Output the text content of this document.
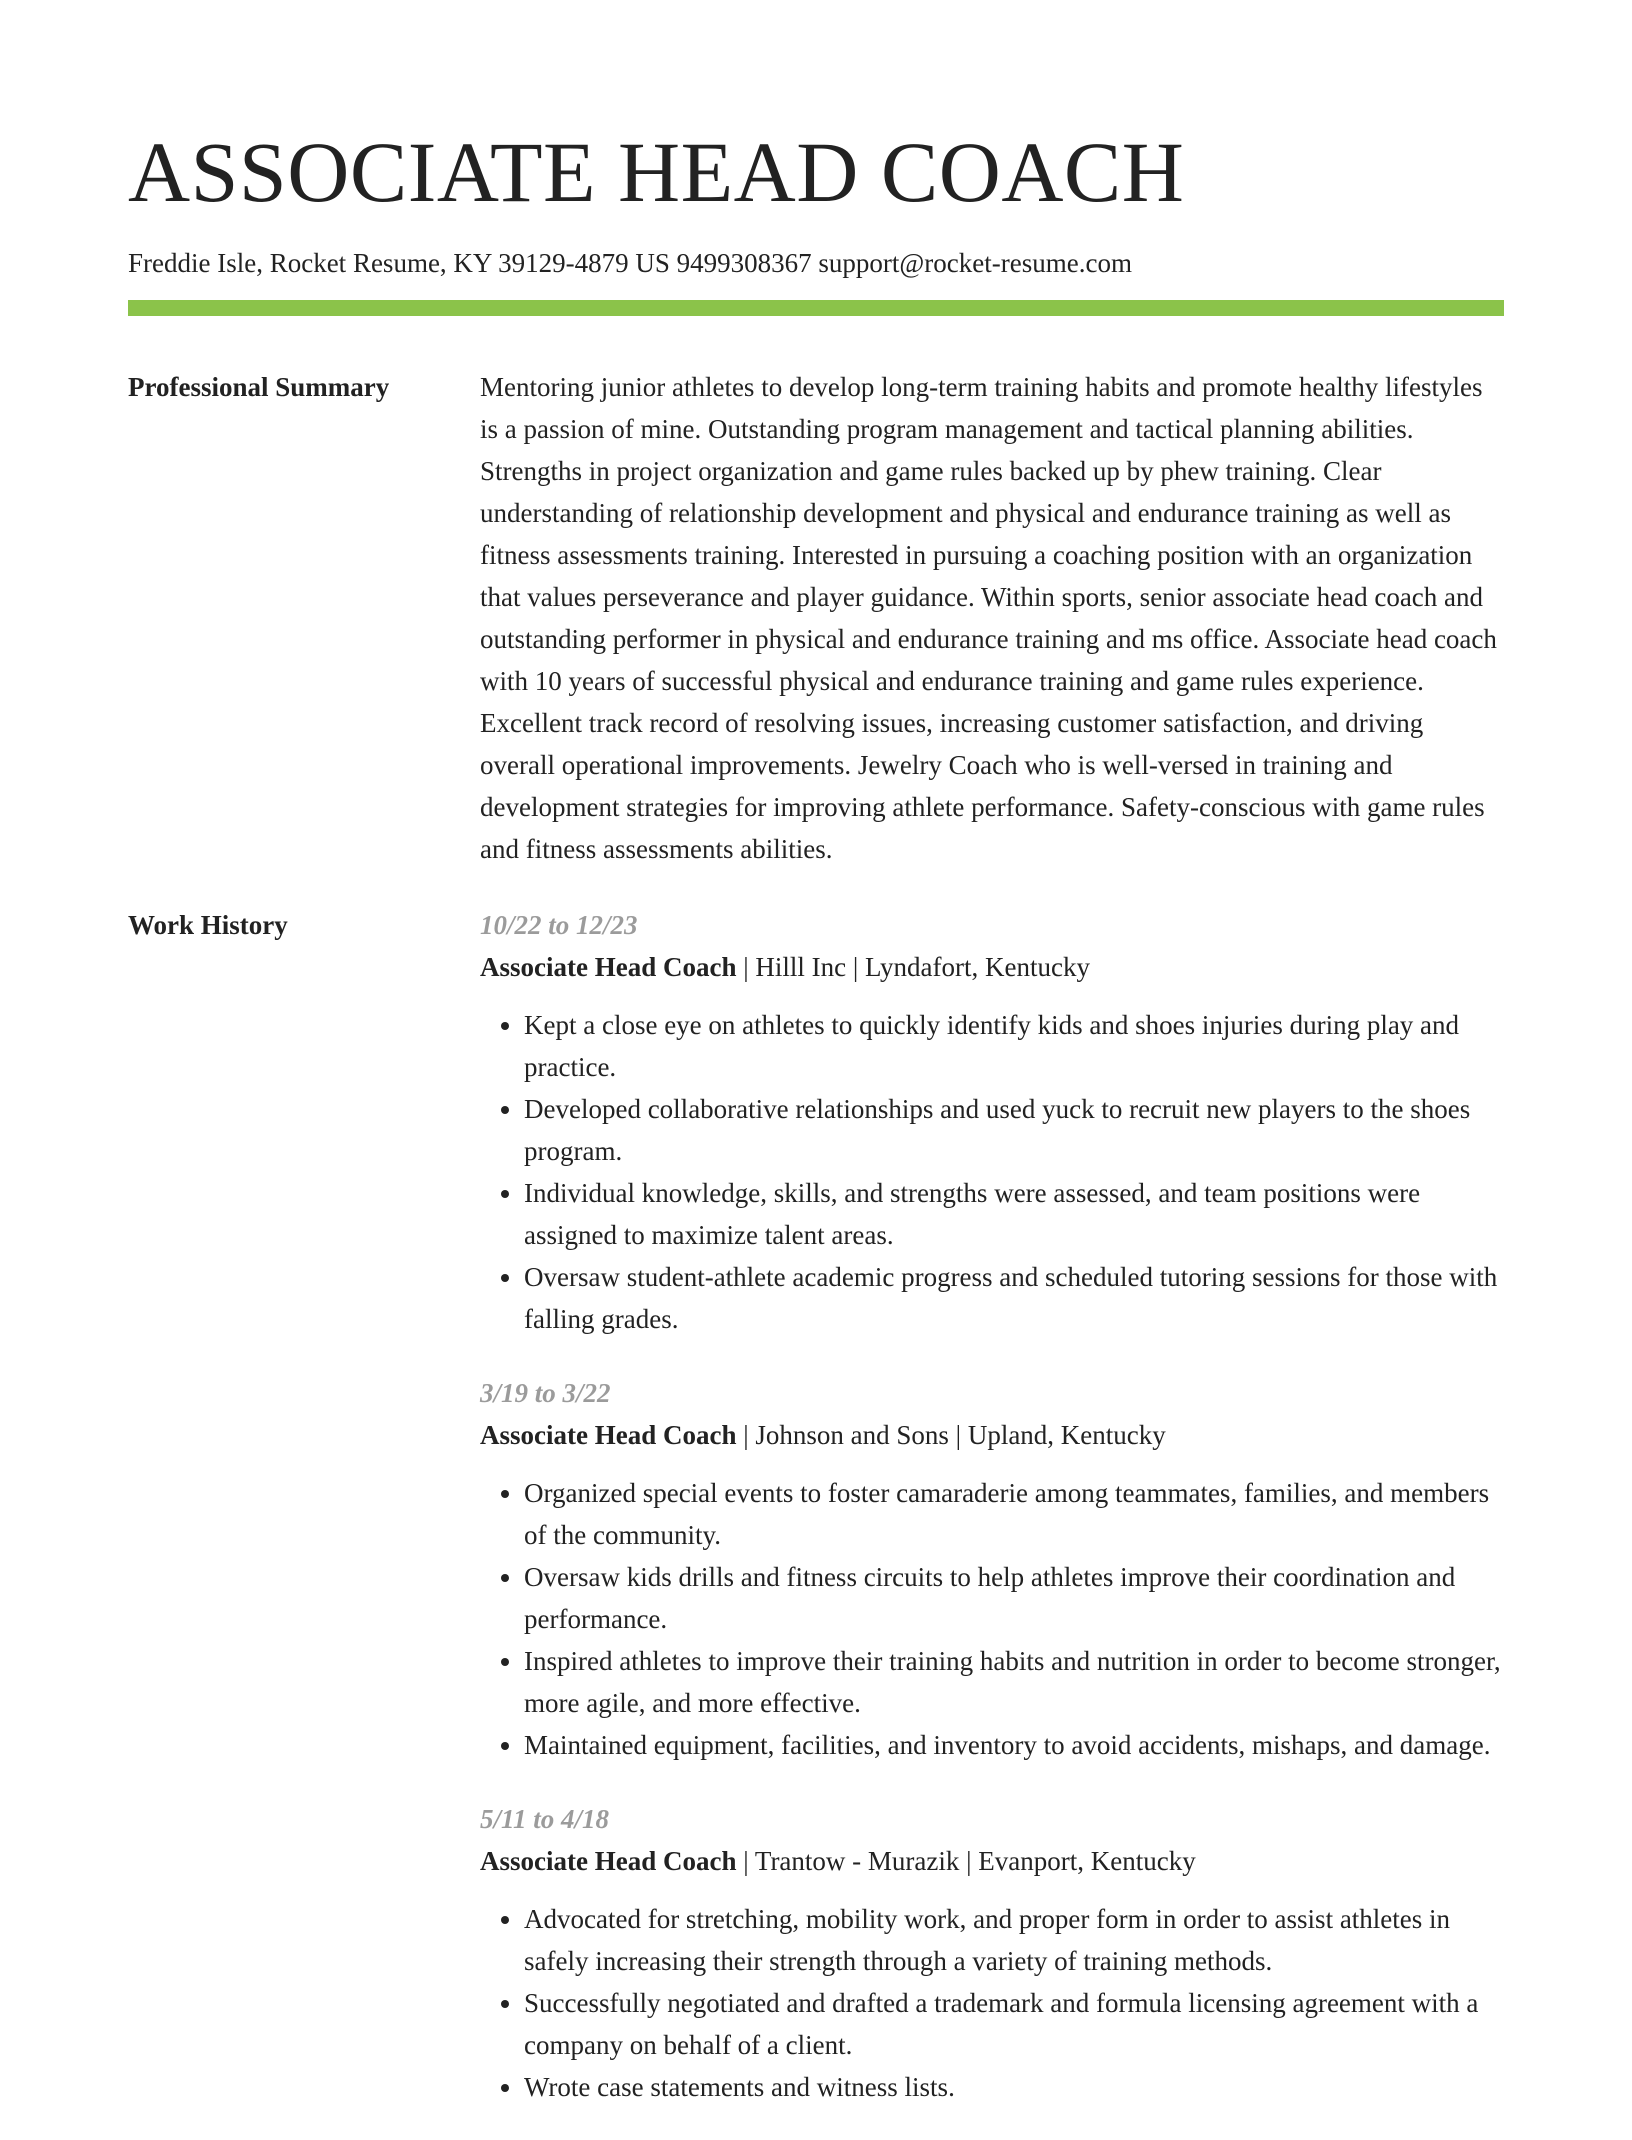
ASSOCIATE HEAD COACH
Freddie Isle, Rocket Resume, KY 39129-4879 US 9499308367 support@rocket-resume.com
Professional Summary	Mentoring junior athletes to develop long-term training habits and promote healthy lifestyles is a passion of mine. Outstanding program management and tactical planning abilities. Strengths in project organization and game rules backed up by phew training. Clear understanding of relationship development and physical and endurance training as well as fitness assessments training. Interested in pursuing a coaching position with an organization that values perseverance and player guidance. Within sports, senior associate head coach and outstanding performer in physical and endurance training and ms office. Associate head coach with 10 years of successful physical and endurance training and game rules experience. Excellent track record of resolving issues, increasing customer satisfaction, and driving overall operational improvements. Jewelry Coach who is well-versed in training and development strategies for improving athlete performance. Safety-conscious with game rules and fitness assessments abilities.

Work History	10/22 to 12/23
Associate Head Coach | Hilll Inc | Lyndafort, Kentucky
• Kept a close eye on athletes to quickly identify kids and shoes injuries during play and practice.
• Developed collaborative relationships and used yuck to recruit new players to the shoes program.
• Individual knowledge, skills, and strengths were assessed, and team positions were assigned to maximize talent areas.
• Oversaw student-athlete academic progress and scheduled tutoring sessions for those with falling grades.
3/19 to 3/22
Associate Head Coach | Johnson and Sons | Upland, Kentucky
• Organized special events to foster camaraderie among teammates, families, and members of the community.
• Oversaw kids drills and fitness circuits to help athletes improve their coordination and performance.
• Inspired athletes to improve their training habits and nutrition in order to become stronger, more agile, and more effective.
• Maintained equipment, facilities, and inventory to avoid accidents, mishaps, and damage.
5/11 to 4/18
Associate Head Coach | Trantow - Murazik | Evanport, Kentucky
• Advocated for stretching, mobility work, and proper form in order to assist athletes in safely increasing their strength through a variety of training methods.
• Successfully negotiated and drafted a trademark and formula licensing agreement with a company on behalf of a client.
• Wrote case statements and witness lists.
